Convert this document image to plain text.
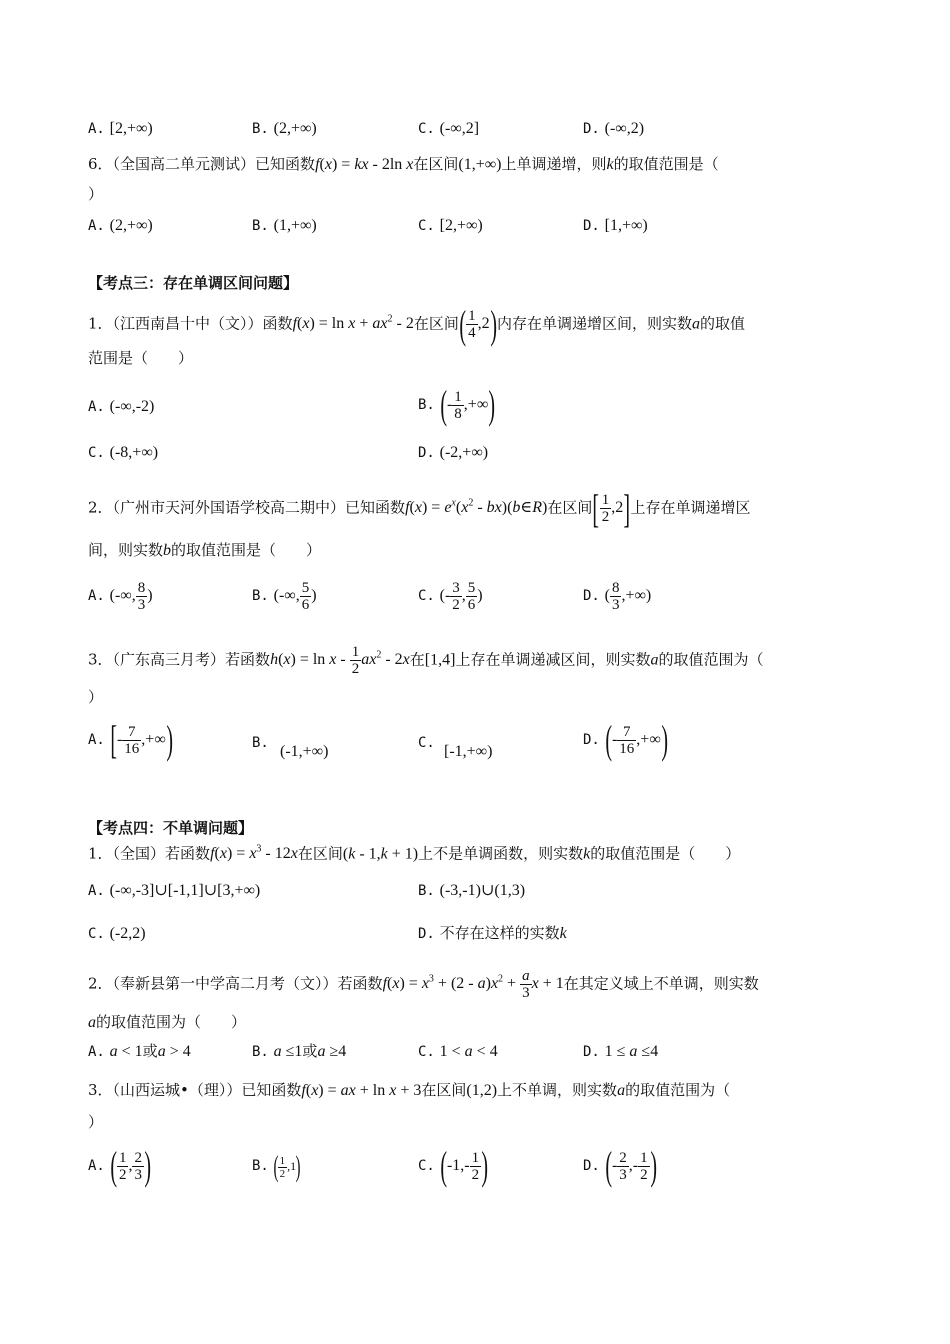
A. [2,+∞)	B. (2,+∞)	C. (-∞,2]	D. (-∞,2)
6．（全国高二单元测试）已知函数f(x) = kx - 2ln x在区间(1,+∞)上单调递增，则k的取值范围是（
）
A. (2,+∞)	B. (1,+∞)	C. [2,+∞)	D. [1,+∞)
【考点三：存在单调区间问题】
1．（江西南昌十中（文））函数$f(x) = \ln x + ax^2 - 2$在区间( $\frac{1}{4} ,2$)内存在单调递增区间，则实数a的取值
范围是（　　）
A. (-∞,-2)	B. (- $\frac{1}{8}$ ,+∞)
C. (-8,+∞)	D. (-2,+∞)
2．（广州市天河外国语学校高二期中）已知函数$f(x) = e^x(x^2$ - bx)(b∈R)在区间[ $\frac{1}{2} ,2$]上存在单调递增区
间，则实数b的取值范围是（　　）
A. (-∞, $\frac{8}{3}$ )	B. (-∞, $\frac{5}{6}$ )	C. (- $\frac{3}{2}$ , $\frac{5}{6}$ )	D. ( $\frac{8}{3}$ ,+∞)
3．（广东高三月考）若函数$h(x) = \ln x - \frac{1}{2} ax^2 - 2x$在[1,4]上存在单调递减区间，则实数a的取值范围为（
）
A. [- $\frac{7}{16}$ ,+∞)	B. (-1,+∞)	C. [-1,+∞)
D. (- $\frac{7}{16}$ ,+∞)
【考点四：不单调问题】
1．（全国）若函数$f(x) = x^3 - 12x$在区间(k - 1,k + 1)上不是单调函数，则实数k的取值范围是（　　）
A. (-∞,-3]∪[-1,1]∪[3,+∞)	B. (-3,-1)∪(1,3)
C. (-2,2)	D. 不存在这样的实数k
2．（奉新县第一中学高二月考（文））若函数$f(x) = x^3 + (2 - a)x^2 + \frac{a}{3}$ x + 1在其定义域上不单调，则实数
a的取值范围为（　　）
A. a < 1或a > 4	B. a ≤1或a ≥4	C. 1 < a < 4	D. 1 ≤ a ≤4
3．（山西运城•（理））已知函数f(x) = ax + ln x + 3在区间(1,2)上不单调，则实数a的取值范围为（
）
A. ( $\frac{1}{2}$ , $\frac{2}{3}$ )	B. ( $\frac{1}{2} ,1$)	C. ($-1,- \frac{1}{2}$ )	D. (- $\frac{2}{3}$ ,- $\frac{1}{2}$ )
